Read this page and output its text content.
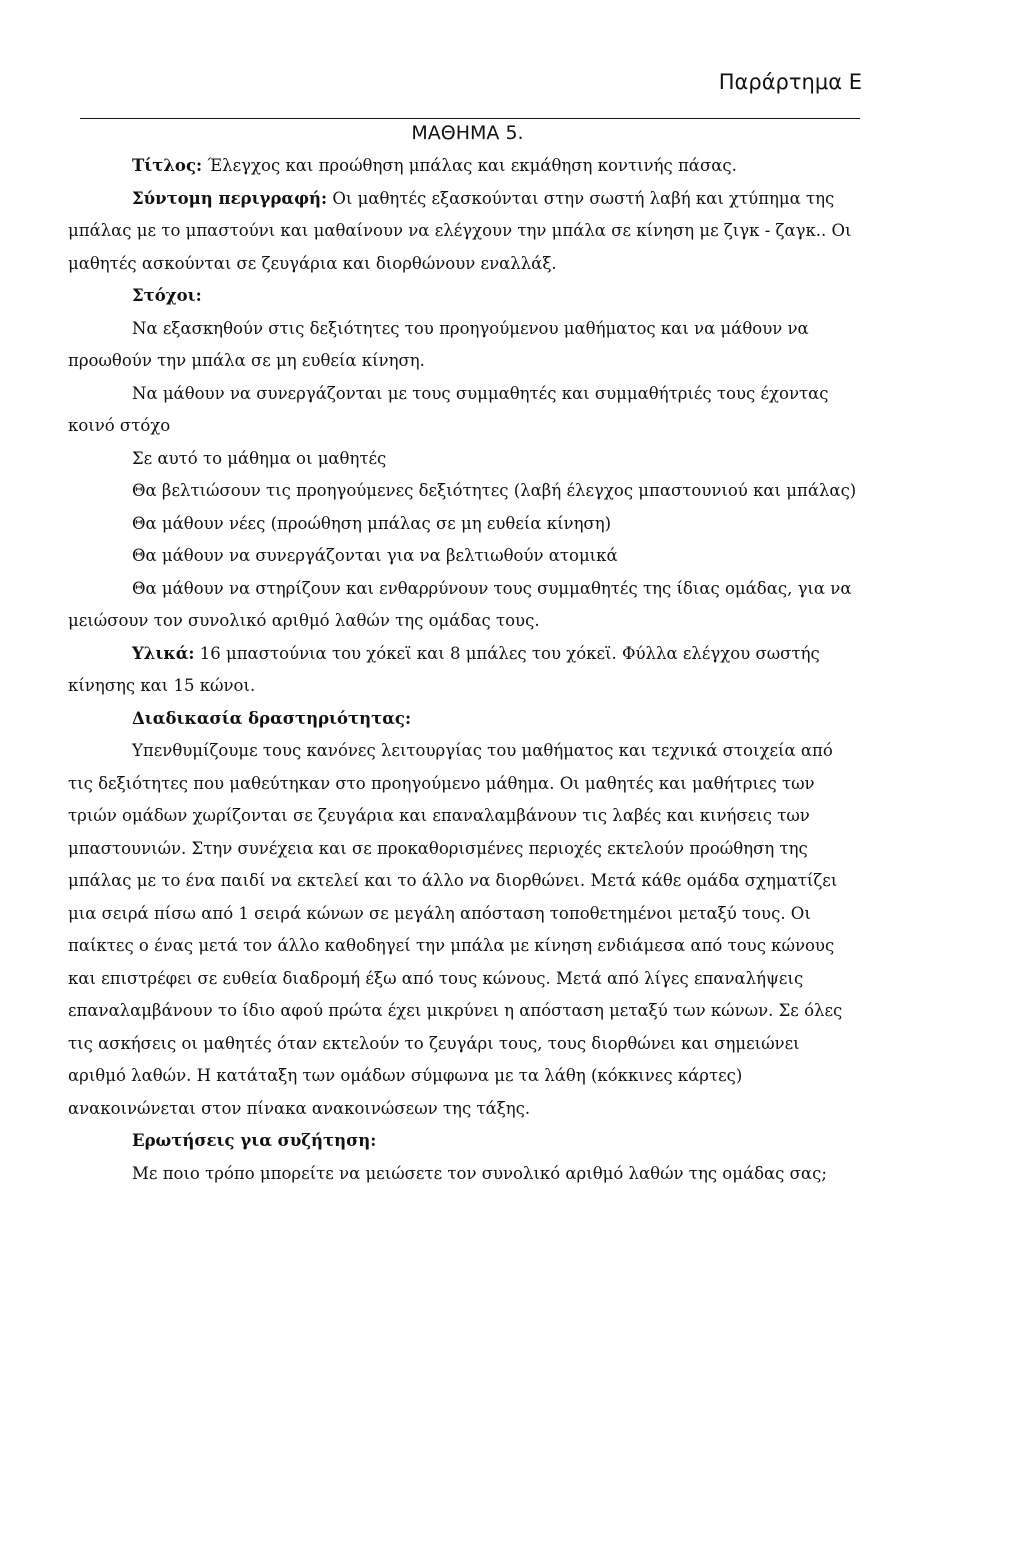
Παράρτημα Ε
ΜΑΘΗΜΑ 5.

Τίτλος: Έλεγχος και προώθηση μπάλας και εκμάθηση κοντινής πάσας.

Σύντομη περιγραφή: Οι μαθητές εξασκούνται στην σωστή λαβή και χτύπημα της μπάλας με το μπαστούνι και μαθαίνουν να ελέγχουν την μπάλα σε κίνηση με ζιγκ - ζαγκ.. Οι μαθητές ασκούνται σε ζευγάρια και διορθώνουν εναλλάξ.

Στόχοι:

Να εξασκηθούν στις δεξιότητες του προηγούμενου μαθήματος και να μάθουν να προωθούν την μπάλα σε μη ευθεία κίνηση.

Να μάθουν να συνεργάζονται με τους συμμαθητές και συμμαθήτριές τους έχοντας κοινό στόχο

Σε αυτό το μάθημα οι μαθητές

Θα βελτιώσουν τις προηγούμενες δεξιότητες (λαβή έλεγχος μπαστουνιού και μπάλας)

Θα μάθουν νέες (προώθηση μπάλας σε μη ευθεία κίνηση)

Θα μάθουν να συνεργάζονται για να βελτιωθούν ατομικά

Θα μάθουν να στηρίζουν και ενθαρρύνουν τους συμμαθητές της ίδιας ομάδας, για να μειώσουν τον συνολικό αριθμό λαθών της ομάδας τους.

Υλικά: 16 μπαστούνια του χόκεϊ και 8 μπάλες του χόκεϊ. Φύλλα ελέγχου σωστής κίνησης και 15 κώνοι.

Διαδικασία δραστηριότητας:

Υπενθυμίζουμε τους κανόνες λειτουργίας του μαθήματος και τεχνικά στοιχεία από τις δεξιότητες που μαθεύτηκαν στο προηγούμενο μάθημα. Οι μαθητές και μαθήτριες των τριών ομάδων χωρίζονται σε ζευγάρια και επαναλαμβάνουν τις λαβές και κινήσεις των μπαστουνιών. Στην συνέχεια και σε προκαθορισμένες περιοχές εκτελούν προώθηση της μπάλας με το ένα παιδί να εκτελεί και το άλλο να διορθώνει. Μετά κάθε ομάδα σχηματίζει μια σειρά πίσω από 1 σειρά κώνων σε μεγάλη απόσταση τοποθετημένοι μεταξύ τους. Οι παίκτες ο ένας μετά τον άλλο καθοδηγεί την μπάλα με κίνηση ενδιάμεσα από τους κώνους και επιστρέφει σε ευθεία διαδρομή έξω από τους κώνους. Μετά από λίγες επαναλήψεις επαναλαμβάνουν το ίδιο αφού πρώτα έχει μικρύνει η απόσταση μεταξύ των κώνων. Σε όλες τις ασκήσεις οι μαθητές όταν εκτελούν το ζευγάρι τους, τους διορθώνει και σημειώνει αριθμό λαθών. Η κατάταξη των ομάδων σύμφωνα με τα λάθη (κόκκινες κάρτες) ανακοινώνεται στον πίνακα ανακοινώσεων της τάξης.

Ερωτήσεις για συζήτηση:

Με ποιο τρόπο μπορείτε να μειώσετε τον συνολικό αριθμό λαθών της ομάδας σας;
